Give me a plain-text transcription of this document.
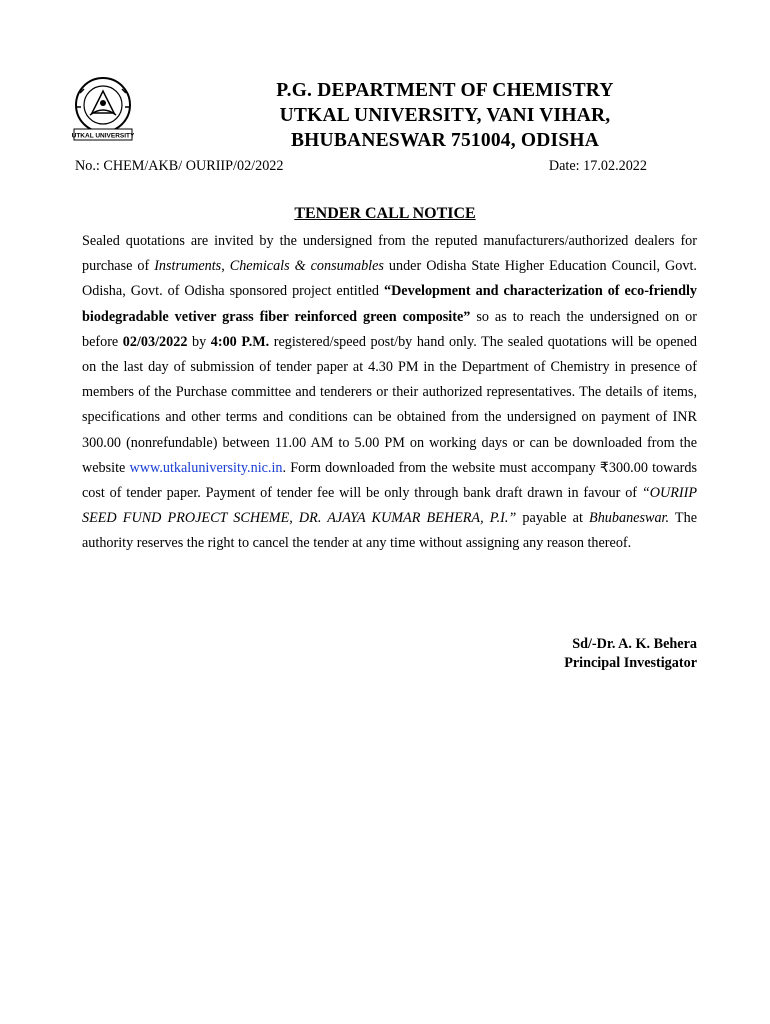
UTKAL UNIVERSITY
P.G. DEPARTMENT OF CHEMISTRY
UTKAL UNIVERSITY, VANI VIHAR,
BHUBANESWAR 751004, ODISHA
No.: CHEM/AKB/ OURIIP/02/2022	Date: 17.02.2022
TENDER CALL NOTICE
Sealed quotations are invited by the undersigned from the reputed manufacturers/authorized dealers for purchase of Instruments, Chemicals & consumables under Odisha State Higher Education Council, Govt. Odisha, Govt. of Odisha sponsored project entitled “Development and characterization of eco-friendly biodegradable vetiver grass fiber reinforced green composite” so as to reach the undersigned on or before 02/03/2022 by 4:00 P.M. registered/speed post/by hand only. The sealed quotations will be opened on the last day of submission of tender paper at 4.30 PM in the Department of Chemistry in presence of members of the Purchase committee and tenderers or their authorized representatives. The details of items, specifications and other terms and conditions can be obtained from the undersigned on payment of INR 300.00 (nonrefundable) between 11.00 AM to 5.00 PM on working days or can be downloaded from the website www.utkaluniversity.nic.in. Form downloaded from the website must accompany ₹300.00 towards cost of tender paper. Payment of tender fee will be only through bank draft drawn in favour of “OURIIP SEED FUND PROJECT SCHEME, DR. AJAYA KUMAR BEHERA, P.I.” payable at Bhubaneswar. The authority reserves the right to cancel the tender at any time without assigning any reason thereof.
Sd/-Dr. A. K. Behera
Principal Investigator
